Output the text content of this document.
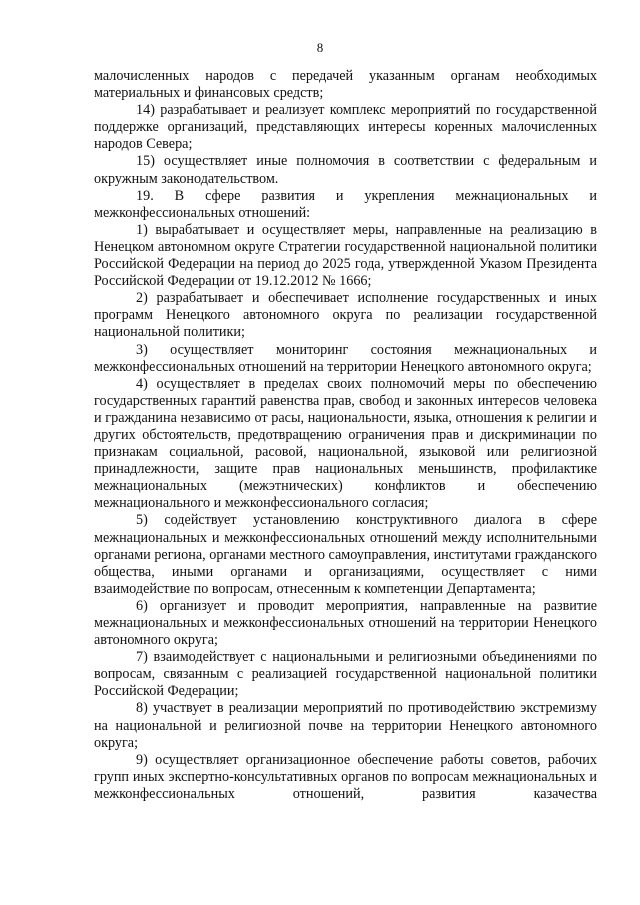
8

малочисленных народов с передачей указанным органам необходимых материальных и финансовых средств;

14) разрабатывает и реализует комплекс мероприятий по государственной поддержке организаций, представляющих интересы коренных малочисленных народов Севера;

15) осуществляет иные полномочия в соответствии с федеральным и окружным законодательством.

19. В сфере развития и укрепления межнациональных и межконфессиональных отношений:

1) вырабатывает и осуществляет меры, направленные на реализацию в Ненецком автономном округе Стратегии государственной национальной политики Российской Федерации на период до 2025 года, утвержденной Указом Президента Российской Федерации от 19.12.2012 № 1666;

2) разрабатывает и обеспечивает исполнение государственных и иных программ Ненецкого автономного округа по реализации государственной национальной политики;

3) осуществляет мониторинг состояния межнациональных и межконфессиональных отношений на территории Ненецкого автономного округа;

4) осуществляет в пределах своих полномочий меры по обеспечению государственных гарантий равенства прав, свобод и законных интересов человека и гражданина независимо от расы, национальности, языка, отношения к религии и других обстоятельств, предотвращению ограничения прав и дискриминации по признакам социальной, расовой, национальной, языковой или религиозной принадлежности, защите прав национальных меньшинств, профилактике межнациональных (межэтнических) конфликтов и обеспечению межнационального и межконфессионального согласия;

5) содействует установлению конструктивного диалога в сфере межнациональных и межконфессиональных отношений между исполнительными органами региона, органами местного самоуправления, институтами гражданского общества, иными органами и организациями, осуществляет с ними взаимодействие по вопросам, отнесенным к компетенции Департамента;

6) организует и проводит мероприятия, направленные на развитие межнациональных и межконфессиональных отношений на территории Ненецкого автономного округа;

7) взаимодействует с национальными и религиозными объединениями по вопросам, связанным с реализацией государственной национальной политики Российской Федерации;

8) участвует в реализации мероприятий по противодействию экстремизму на национальной и религиозной почве на территории Ненецкого автономного округа;

9) осуществляет организационное обеспечение работы советов, рабочих групп иных экспертно-консультативных органов по вопросам межнациональных и межконфессиональных отношений, развития казачества
